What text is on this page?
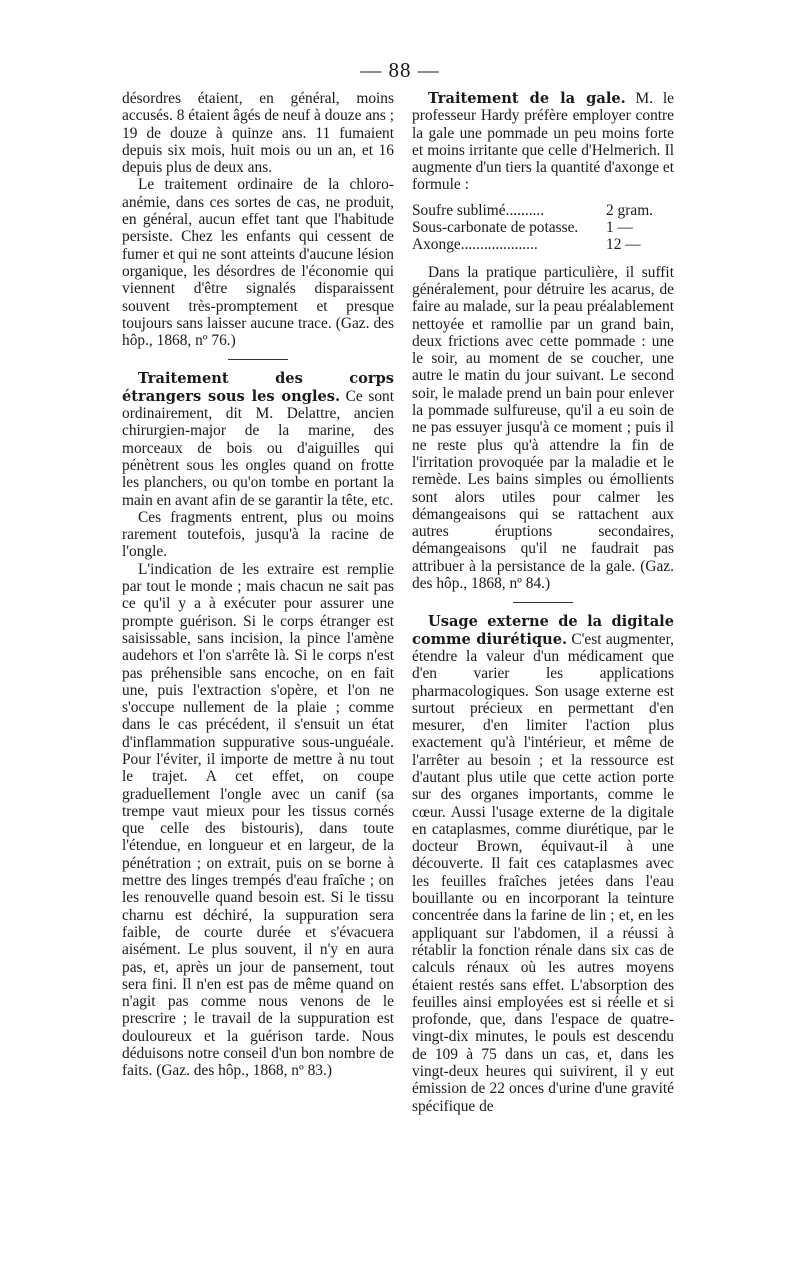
— 88 —

désordres étaient, en général, moins accusés. 8 étaient âgés de neuf à douze ans ; 19 de douze à quinze ans. 11 fumaient depuis six mois, huit mois ou un an, et 16 depuis plus de deux ans.

Le traitement ordinaire de la chloro-anémie, dans ces sortes de cas, ne produit, en général, aucun effet tant que l'habitude persiste. Chez les enfants qui cessent de fumer et qui ne sont atteints d'aucune lésion organique, les désordres de l'économie qui viennent d'être signalés disparaissent souvent très-promptement et presque toujours sans laisser aucune trace. (Gaz. des hôp., 1868, nº 76.)

Traitement des corps étrangers sous les ongles. Ce sont ordinairement, dit M. Delattre, ancien chirurgien-major de la marine, des morceaux de bois ou d'aiguilles qui pénètrent sous les ongles quand on frotte les planchers, ou qu'on tombe en portant la main en avant afin de se garantir la tête, etc.

Ces fragments entrent, plus ou moins rarement toutefois, jusqu'à la racine de l'ongle.

L'indication de les extraire est remplie par tout le monde ; mais chacun ne sait pas ce qu'il y a à exécuter pour assurer une prompte guérison. Si le corps étranger est saisissable, sans incision, la pince l'amène audehors et l'on s'arrête là. Si le corps n'est pas préhensible sans encoche, on en fait une, puis l'extraction s'opère, et l'on ne s'occupe nullement de la plaie ; comme dans le cas précédent, il s'ensuit un état d'inflammation suppurative sous-unguéale. Pour l'éviter, il importe de mettre à nu tout le trajet. A cet effet, on coupe graduellement l'ongle avec un canif (sa trempe vaut mieux pour les tissus cornés que celle des bistouris), dans toute l'étendue, en longueur et en largeur, de la pénétration ; on extrait, puis on se borne à mettre des linges trempés d'eau fraîche ; on les renouvelle quand besoin est. Si le tissu charnu est déchiré, la suppuration sera faible, de courte durée et s'évacuera aisément. Le plus souvent, il n'y en aura pas, et, après un jour de pansement, tout sera fini. Il n'en est pas de même quand on n'agit pas comme nous venons de le prescrire ; le travail de la suppuration est douloureux et la guérison tarde. Nous déduisons notre conseil d'un bon nombre de faits. (Gaz. des hôp., 1868, nº 83.)

Traitement de la gale. M. le professeur Hardy préfère employer contre la gale une pommade un peu moins forte et moins irritante que celle d'Helmerich. Il augmente d'un tiers la quantité d'axonge et formule :

Soufre sublimé ..........	2 gram.
Sous-carbonate de potasse.	1 —
Axonge ....................	12 —

Dans la pratique particulière, il suffit généralement, pour détruire les acarus, de faire au malade, sur la peau préalablement nettoyée et ramollie par un grand bain, deux frictions avec cette pommade : une le soir, au moment de se coucher, une autre le matin du jour suivant. Le second soir, le malade prend un bain pour enlever la pommade sulfureuse, qu'il a eu soin de ne pas essuyer jusqu'à ce moment ; puis il ne reste plus qu'à attendre la fin de l'irritation provoquée par la maladie et le remède. Les bains simples ou émollients sont alors utiles pour calmer les démangeaisons qui se rattachent aux autres éruptions secondaires, démangeaisons qu'il ne faudrait pas attribuer à la persistance de la gale. (Gaz. des hôp., 1868, nº 84.)

Usage externe de la digitale comme diurétique. C'est augmenter, étendre la valeur d'un médicament que d'en varier les applications pharmacologiques. Son usage externe est surtout précieux en permettant d'en mesurer, d'en limiter l'action plus exactement qu'à l'intérieur, et même de l'arrêter au besoin ; et la ressource est d'autant plus utile que cette action porte sur des organes importants, comme le cœur. Aussi l'usage externe de la digitale en cataplasmes, comme diurétique, par le docteur Brown, équivaut-il à une découverte. Il fait ces cataplasmes avec les feuilles fraîches jetées dans l'eau bouillante ou en incorporant la teinture concentrée dans la farine de lin ; et, en les appliquant sur l'abdomen, il a réussi à rétablir la fonction rénale dans six cas de calculs rénaux où les autres moyens étaient restés sans effet. L'absorption des feuilles ainsi employées est si réelle et si profonde, que, dans l'espace de quatre-vingt-dix minutes, le pouls est descendu de 109 à 75 dans un cas, et, dans les vingt-deux heures qui suivirent, il y eut émission de 22 onces d'urine d'une gravité spécifique de
